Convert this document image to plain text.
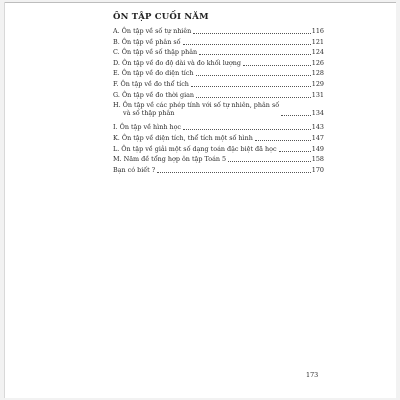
ÔN TẬP CUỐI NĂM
A. Ôn tập về số tự nhiên	116
B. Ôn tập về phân số	121
C. Ôn tập về số thập phân	124
D. Ôn tập về đo độ dài và đo khối lượng	126
E. Ôn tập về đo diện tích	128
F. Ôn tập về đo thể tích	129
G. Ôn tập về đo thời gian	131
H. Ôn tập về các phép tính với số tự nhiên, phân số
và số thập phân	134
I. Ôn tập về hình học	143
K. Ôn tập về diện tích, thể tích một số hình	147
L. Ôn tập về giải một số dạng toán đặc biệt đã học	149
M. Năm đề tổng hợp ôn tập Toán 5	158
Bạn có biết ?	170
173
